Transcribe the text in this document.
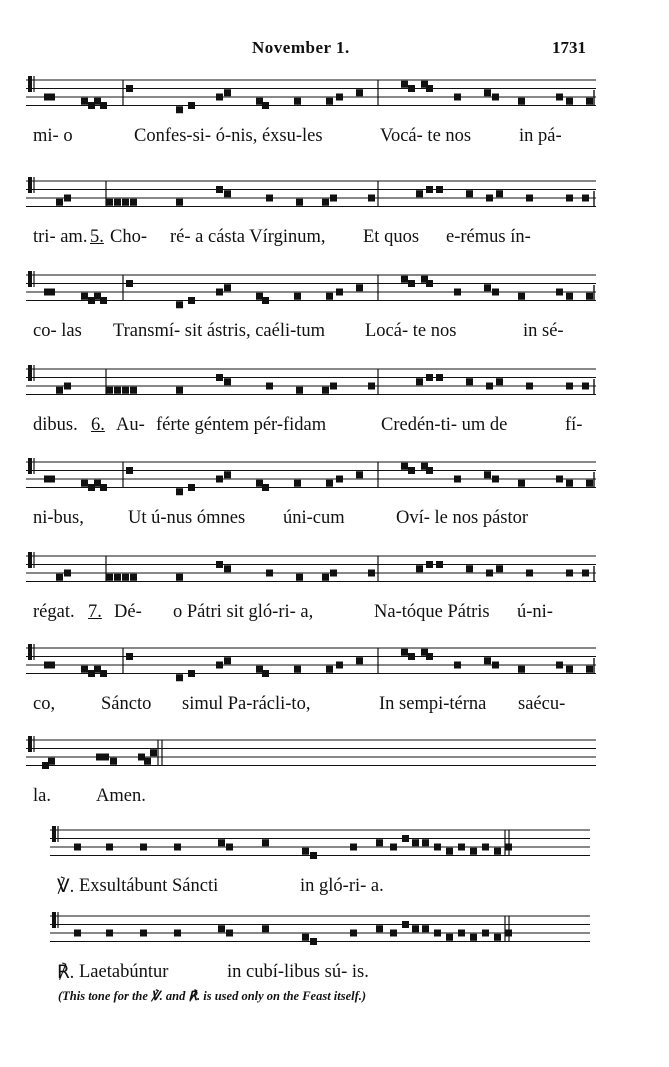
November 1.	1731
mi- o	Confes-si- ó-nis, éxsu-les	Vocá- te nos	in pá-
tri- am. 5. Cho- ré- a cásta Vírginum, Et quos e-rémus ín-
co- las Transmí- sit ástris, caéli-tum Locá- te nos	in sé-
dibus. 6. Au- férte géntem pér-fidam	Credén-ti- um de	fí-
ni-bus, Ut ú-nus ómnes úni-cum	Oví- le nos pástor
régat. 7. Dé- o Pátri sit gló-ri- a,	Na-tóque Pátris ú-ni-
co, Sáncto simul Pa-rácli-to,	In sempi-térna saécu-
la. Amen.
℣. Exsultábunt Sáncti	in gló-ri- a.
℟. Laetabúntur	in cubí-libus sú- is.
(This tone for the ℣. and ℟. is used only on the Feast itself.)
